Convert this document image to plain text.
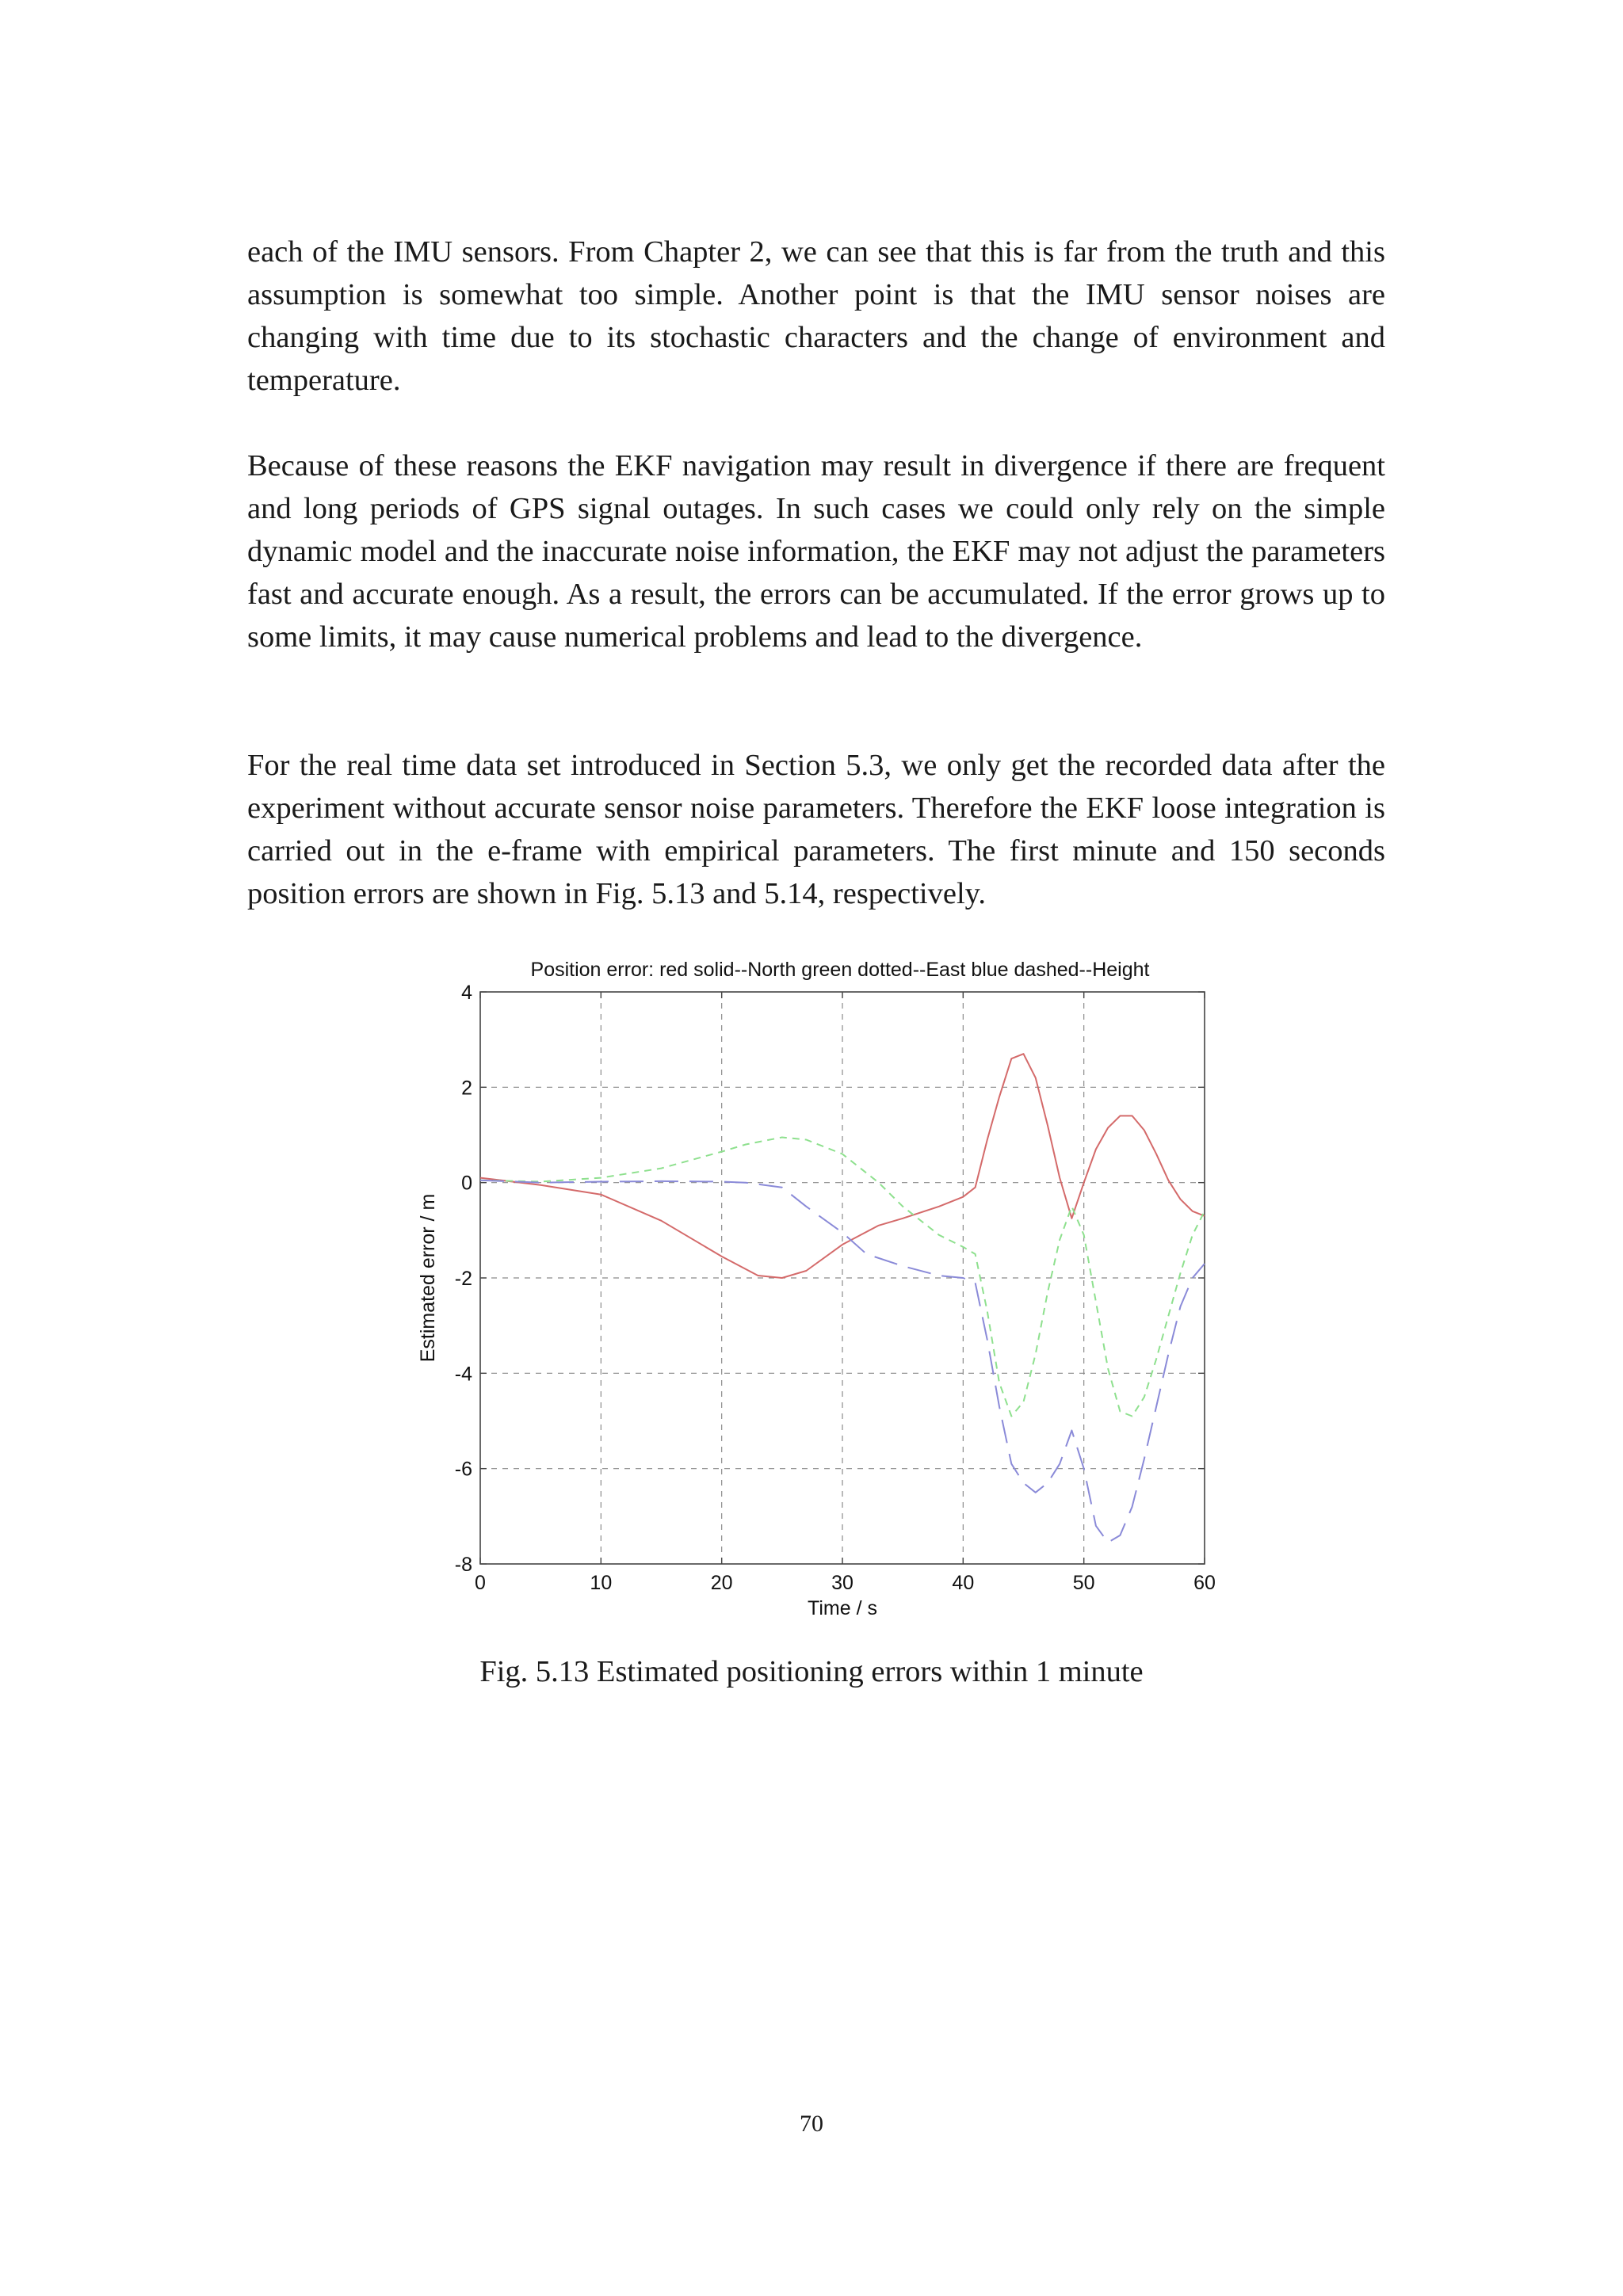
each of the IMU sensors. From Chapter 2, we can see that this is far from the truth and this assumption is somewhat too simple. Another point is that the IMU sensor noises are changing with time due to its stochastic characters and the change of environment and temperature.

Because of these reasons the EKF navigation may result in divergence if there are frequent and long periods of GPS signal outages. In such cases we could only rely on the simple dynamic model and the inaccurate noise information, the EKF may not adjust the parameters fast and accurate enough. As a result, the errors can be accumulated. If the error grows up to some limits, it may cause numerical problems and lead to the divergence.

For the real time data set introduced in Section 5.3, we only get the recorded data after the experiment without accurate sensor noise parameters. Therefore the EKF loose integration is carried out in the e-frame with empirical parameters. The first minute and 150 seconds position errors are shown in Fig. 5.13 and 5.14, respectively.

0	10	20	30	40	50	60
4
2
0
-2
-4
-6
-8
Position error: red solid--North green dotted--East blue dashed--Height
Time / s
Estimated error / m
Fig. 5.13 Estimated positioning errors within 1 minute
70
